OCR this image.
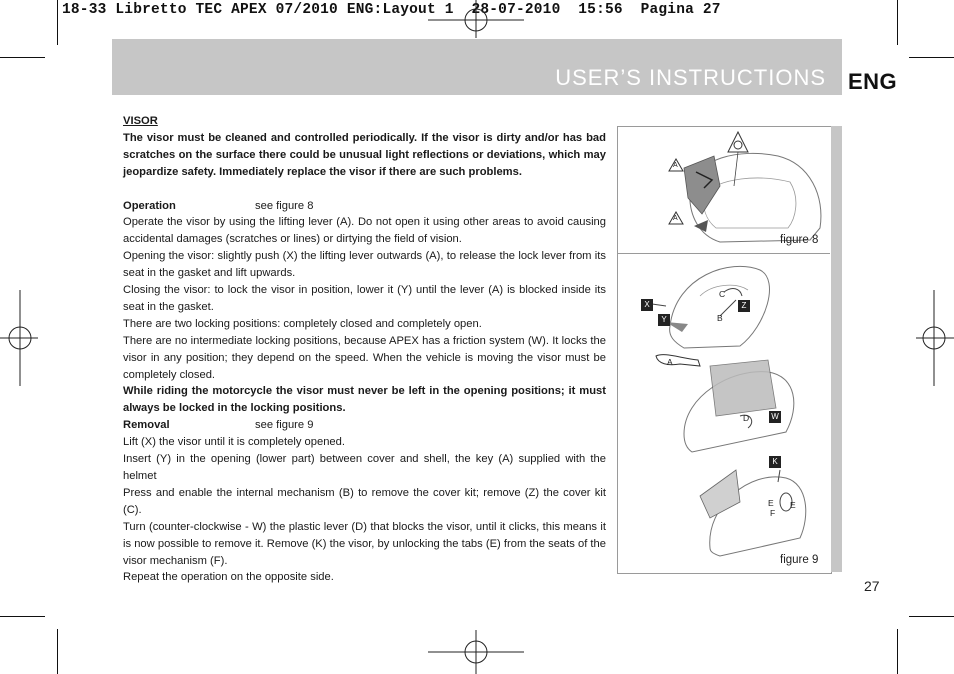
18-33 Libretto TEC APEX 07/2010 ENG:Layout 1  28-07-2010  15:56  Pagina 27
USER’S INSTRUCTIONS ENG

VISOR

The visor must be cleaned and controlled periodically. If the visor is dirty and/or has bad scratches on the surface there could be unusual light reflections or deviations, which may jeopardize safety. Immediately replace the visor if there are such problems.

Operation	see figure 8

Operate the visor by using the lifting lever (A). Do not open it using other areas to avoid causing accidental damages (scratches or lines) or dirtying the field of vision.

Opening the visor: slightly push (X) the lifting lever outwards (A), to release the lock lever from its seat in the gasket and lift upwards.

Closing the visor: to lock the visor in position, lower it (Y) until the lever (A) is blocked inside its seat in the gasket.

There are two locking positions: completely closed and completely open.

There are no intermediate locking positions, because APEX has a friction system (W). It locks the visor in any position; they depend on the speed. When the vehicle is moving the visor must be completely closed.

While riding the motorcycle the visor must never be left in the opening positions; it must always be locked in the locking positions.

Removal	see figure 9

Lift (X) the visor until it is completely opened.

Insert (Y) in the opening (lower part) between cover and shell, the key (A) supplied with the helmet

Press and enable the internal mechanism (B) to remove the cover kit; remove (Z) the cover kit (C).

Turn (counter-clockwise - W) the plastic lever (D) that blocks the visor, until it clicks, this means it is now possible to remove it. Remove (K) the visor, by unlocking the tabs (E) from the seats of the visor mechanism (F).

Repeat the operation on the opposite side.

A
A
figure 8
X
Y
Z
C
B
A
D	W
K
E E
F
figure 9
27
